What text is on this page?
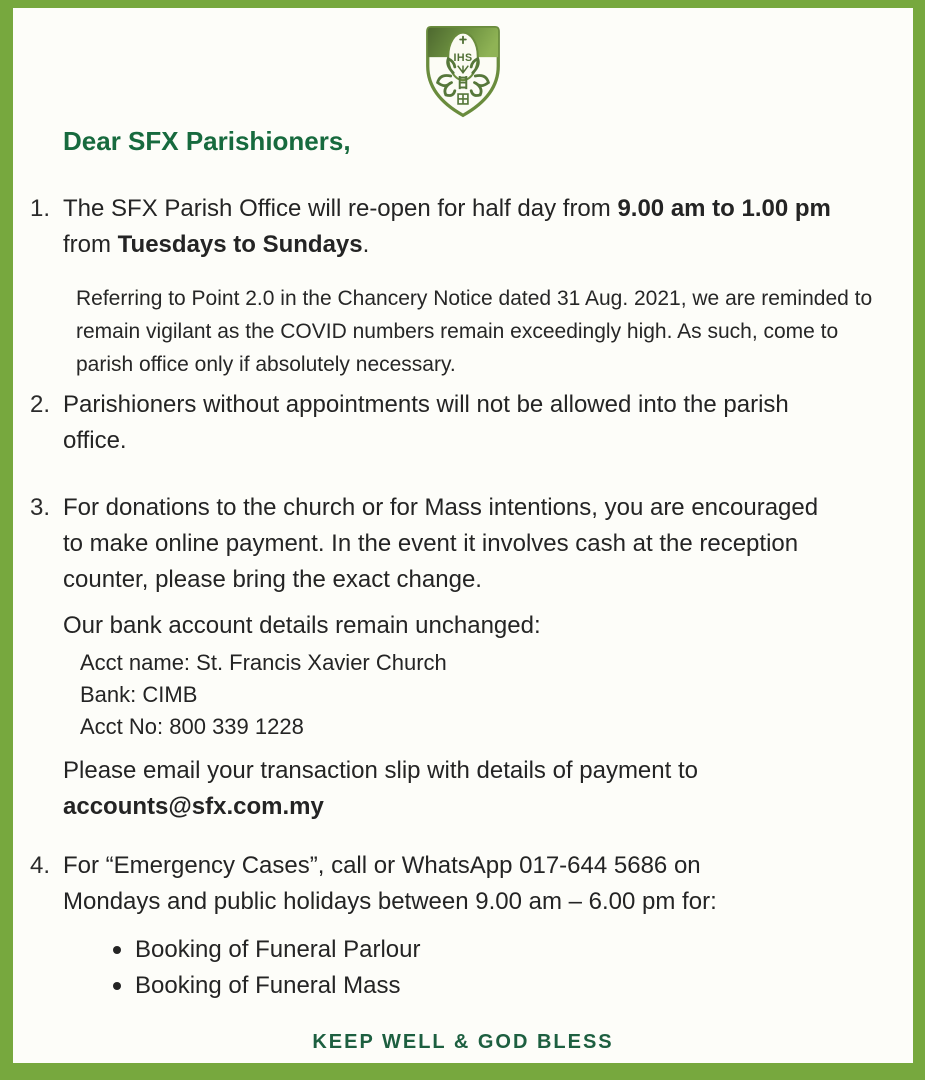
IHS
Dear SFX Parishioners,
1. The SFX Parish Office will re-open for half day from 9.00 am to 1.00 pm
from Tuesdays to Sundays.

Referring to Point 2.0 in the Chancery Notice dated 31 Aug. 2021, we are reminded to
remain vigilant as the COVID numbers remain exceedingly high. As such, come to
parish office only if absolutely necessary.

2. Parishioners without appointments will not be allowed into the parish
office.
3. For donations to the church or for Mass intentions, you are encouraged
to make online payment. In the event it involves cash at the reception
counter, please bring the exact change.

Our bank account details remain unchanged:

Acct name: St. Francis Xavier Church
Bank: CIMB
Acct No: 800 339 1228

Please email your transaction slip with details of payment to
accounts@sfx.com.my

4. For “Emergency Cases”, call or WhatsApp 017-644 5686 on
Mondays and public holidays between 9.00 am – 6.00 pm for:
Booking of Funeral Parlour
Booking of Funeral Mass

KEEP WELL & GOD BLESS
